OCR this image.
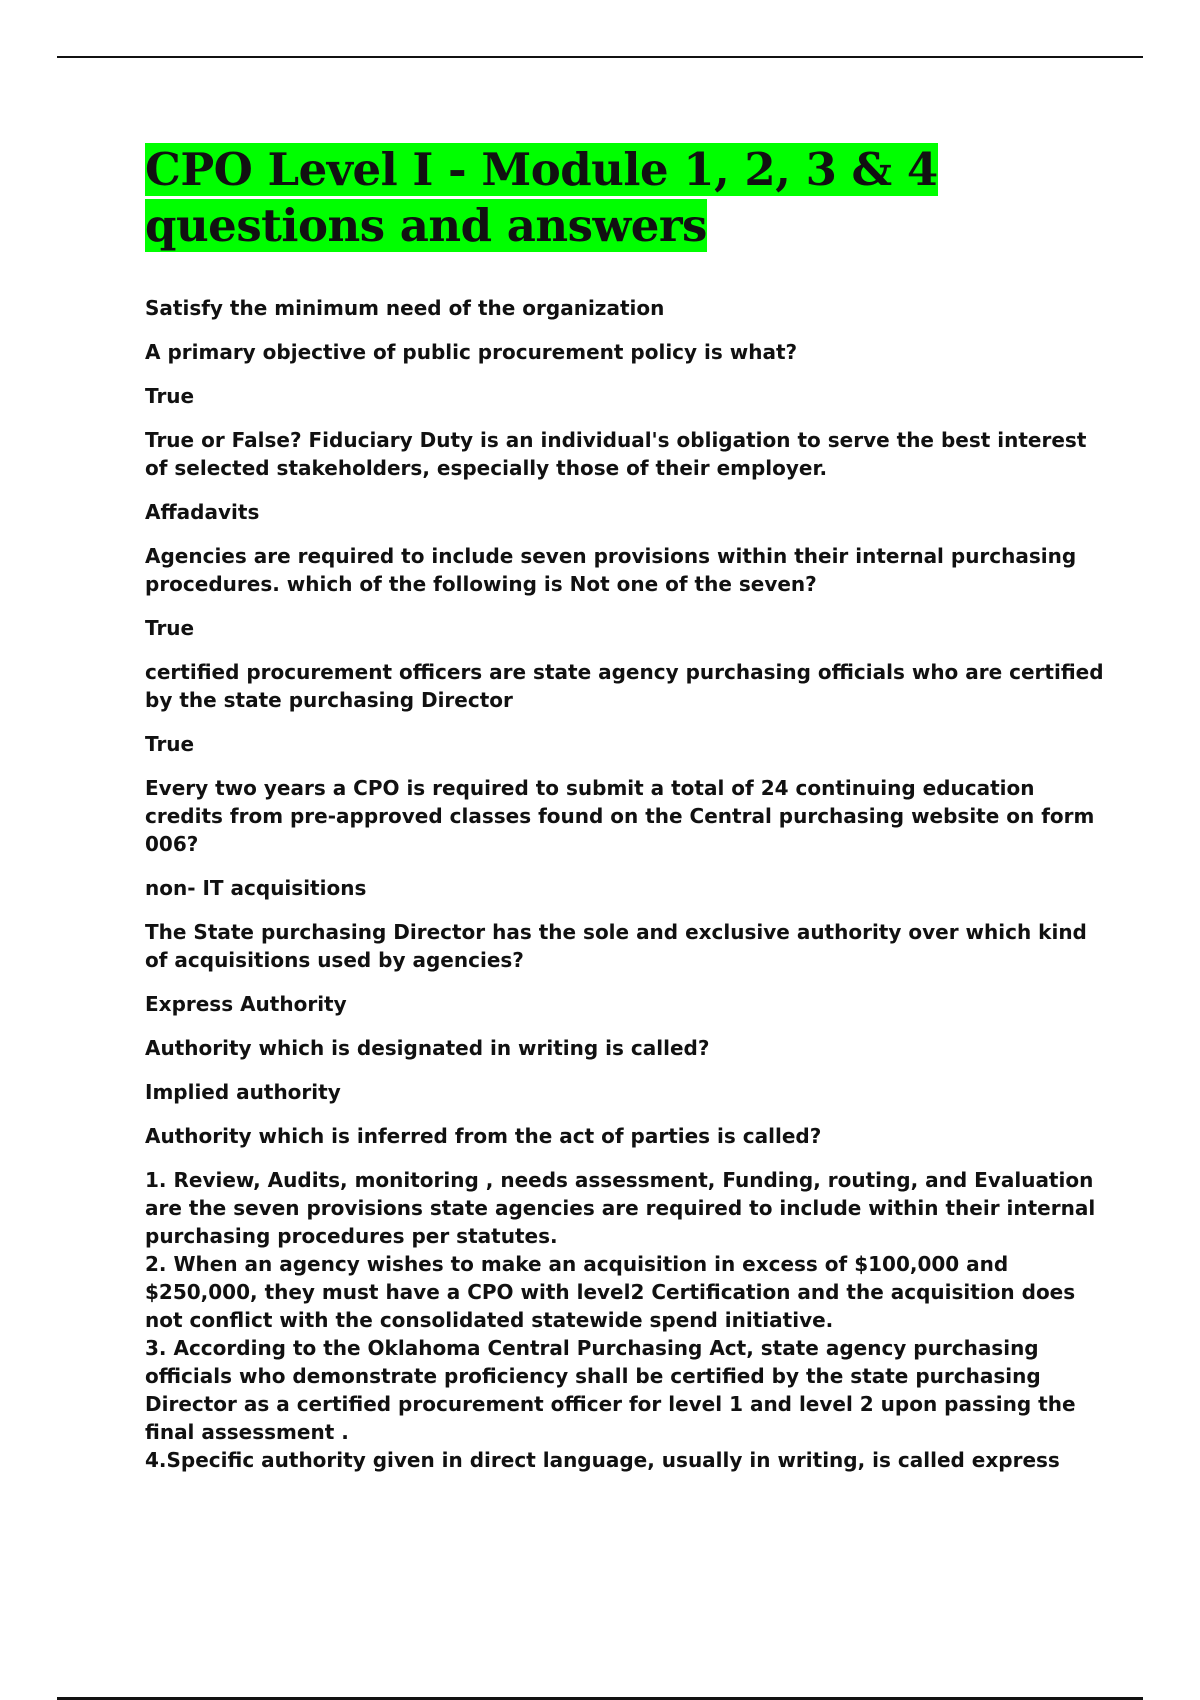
CPO Level I - Module 1, 2, 3 & 4 questions and answers
Satisfy the minimum need of the organization
A primary objective of public procurement policy is what?
True
True or False? Fiduciary Duty is an individual's obligation to serve the best interest of selected stakeholders, especially those of their employer.
Affadavits
Agencies are required to include seven provisions within their internal purchasing procedures. which of the following is Not one of the seven?
True
certified procurement officers are state agency purchasing officials who are certified by the state purchasing Director
True
Every two years a CPO is required to submit a total of 24 continuing education credits from pre-approved classes found on the Central purchasing website on form 006?
non- IT acquisitions
The State purchasing Director has the sole and exclusive authority over which kind of acquisitions used by agencies?
Express Authority
Authority which is designated in writing is called?
Implied authority
Authority which is inferred from the act of parties is called?
1. Review, Audits, monitoring , needs assessment, Funding, routing, and Evaluation are the seven provisions state agencies are required to include within their internal purchasing procedures per statutes.
2. When an agency wishes to make an acquisition in excess of $100,000 and $250,000, they must have a CPO with level2 Certification and the acquisition does not conflict with the consolidated statewide spend initiative.
3. According to the Oklahoma Central Purchasing Act, state agency purchasing officials who demonstrate proficiency shall be certified by the state purchasing Director as a certified procurement officer for level 1 and level 2 upon passing the final assessment .
4.Specific authority given in direct language, usually in writing, is called express
